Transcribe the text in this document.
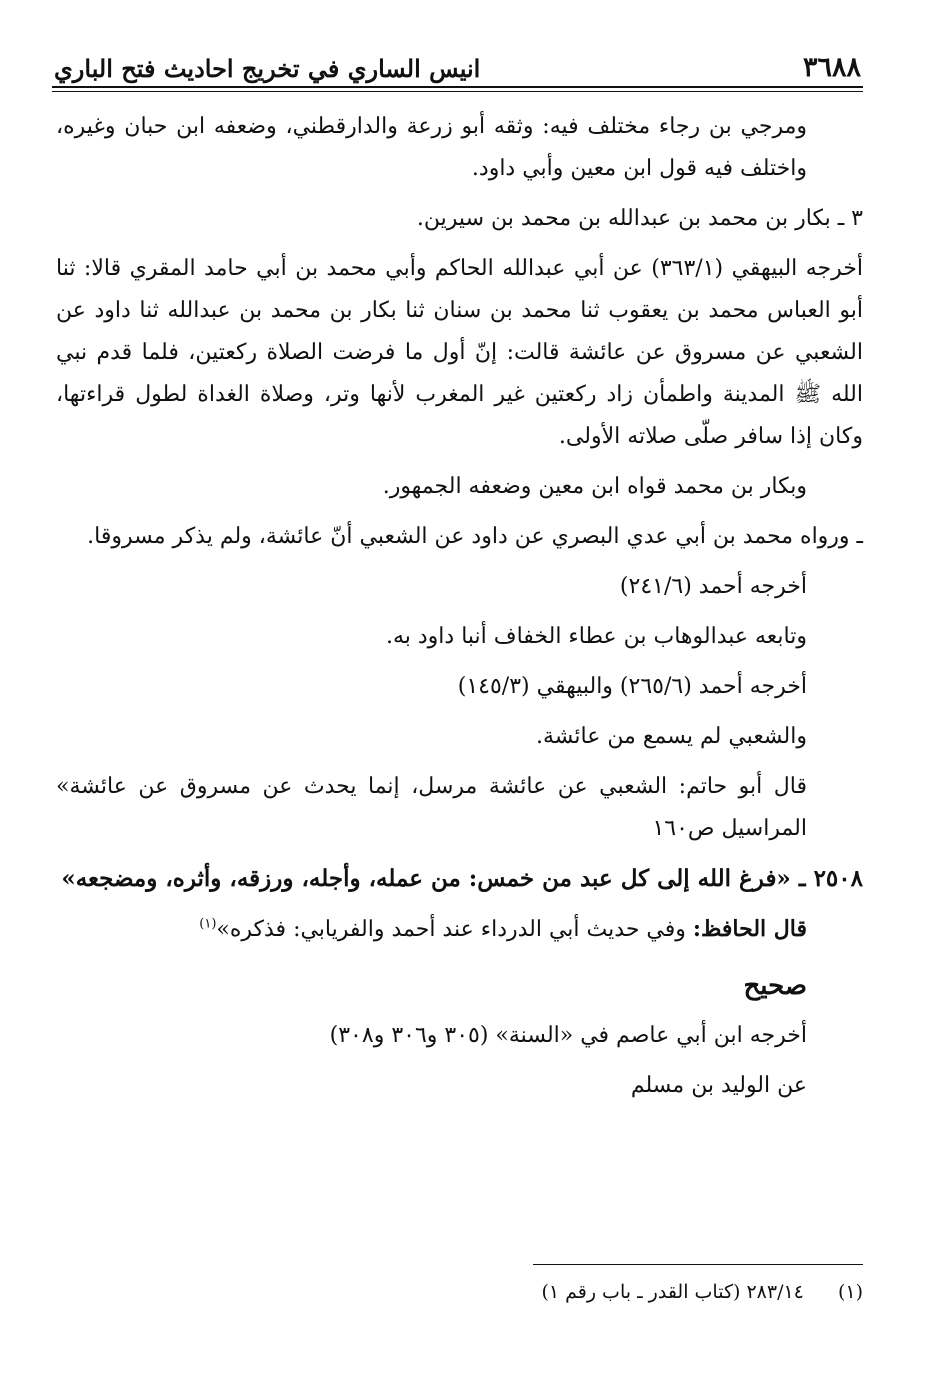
٣٦٨٨
انيس الساري في تخريج احاديث فتح الباري

ومرجي بن رجاء مختلف فيه: وثقه أبو زرعة والدارقطني، وضعفه ابن حبان وغيره، واختلف فيه قول ابن معين وأبي داود.

٣ ـ بكار بن محمد بن عبدالله بن محمد بن سيرين.

أخرجه البيهقي (٣٦٣/١) عن أبي عبدالله الحاكم وأبي محمد بن أبي حامد المقري قالا: ثنا أبو العباس محمد بن يعقوب ثنا محمد بن سنان ثنا بكار بن محمد بن عبدالله ثنا داود عن الشعبي عن مسروق عن عائشة قالت: إنّ أول ما فرضت الصلاة ركعتين، فلما قدم نبي الله ﷺ المدينة واطمأن زاد ركعتين غير المغرب لأنها وتر، وصلاة الغداة لطول قراءتها، وكان إذا سافر صلّى صلاته الأولى.

وبكار بن محمد قواه ابن معين وضعفه الجمهور.

ـ ورواه محمد بن أبي عدي البصري عن داود عن الشعبي أنّ عائشة، ولم يذكر مسروقا.

أخرجه أحمد (٢٤١/٦)

وتابعه عبدالوهاب بن عطاء الخفاف أنبا داود به.

أخرجه أحمد (٢٦٥/٦) والبيهقي (١٤٥/٣)

والشعبي لم يسمع من عائشة.

قال أبو حاتم: الشعبي عن عائشة مرسل، إنما يحدث عن مسروق عن عائشة» المراسيل ص١٦٠

٢٥٠٨ ـ «فرغ الله إلى كل عبد من خمس: من عمله، وأجله، ورزقه، وأثره، ومضجعه»

قال الحافظ: وفي حديث أبي الدرداء عند أحمد والفريابي: فذكره»$^{(١)}$

صحيح

أخرجه ابن أبي عاصم في «السنة» (٣٠٥ و٣٠٦ و٣٠٨)

عن الوليد بن مسلم

(١) ٢٨٣/١٤ (كتاب القدر ـ باب رقم ١)
